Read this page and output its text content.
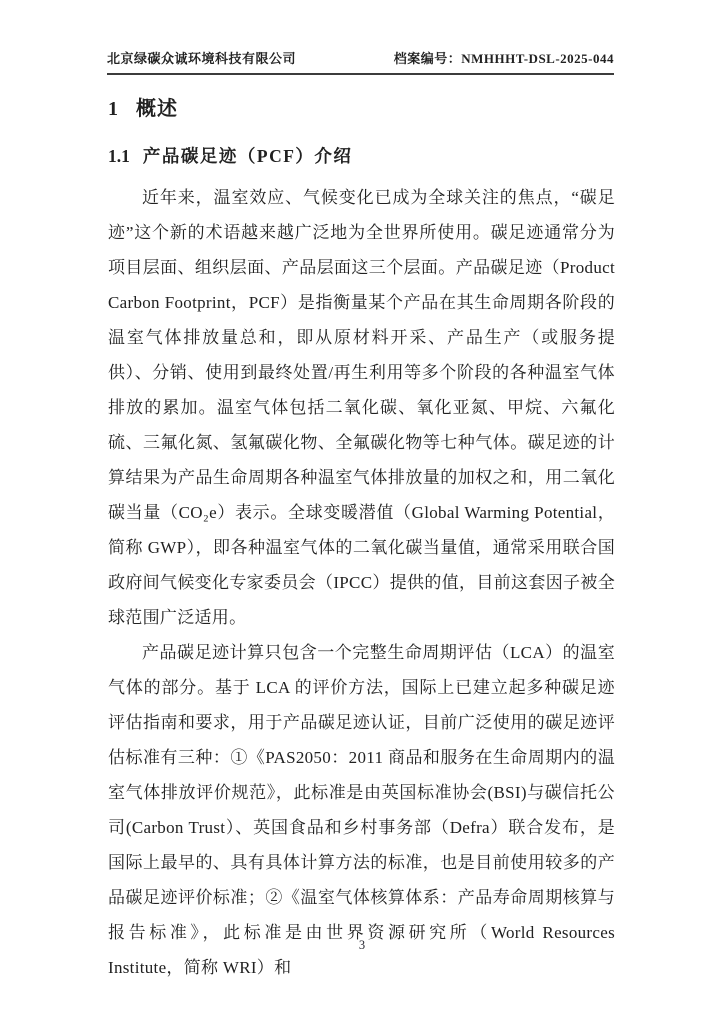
北京绿碳众诚环境科技有限公司	档案编号：NMHHHT-DSL-2025-044
1 概述
1.1 产品碳足迹（PCF）介绍

近年来，温室效应、气候变化已成为全球关注的焦点，“碳足迹”这个新的术语越来越广泛地为全世界所使用。碳足迹通常分为项目层面、组织层面、产品层面这三个层面。产品碳足迹（Product Carbon Footprint，PCF）是指衡量某个产品在其生命周期各阶段的温室气体排放量总和，即从原材料开采、产品生产（或服务提供）、分销、使用到最终处置/再生利用等多个阶段的各种温室气体排放的累加。温室气体包括二氧化碳、氧化亚氮、甲烷、六氟化硫、三氟化氮、氢氟碳化物、全氟碳化物等七种气体。碳足迹的计算结果为产品生命周期各种温室气体排放量的加权之和，用二氧化碳当量（CO₂e）表示。全球变暖潜值（Global Warming Potential，简称 GWP），即各种温室气体的二氧化碳当量值，通常采用联合国政府间气候变化专家委员会（IPCC）提供的值，目前这套因子被全球范围广泛适用。

产品碳足迹计算只包含一个完整生命周期评估（LCA）的温室气体的部分。基于 LCA 的评价方法，国际上已建立起多种碳足迹评估指南和要求，用于产品碳足迹认证，目前广泛使用的碳足迹评估标准有三种：①《PAS2050：2011 商品和服务在生命周期内的温室气体排放评价规范》，此标准是由英国标准协会(BSI)与碳信托公司(Carbon Trust）、英国食品和乡村事务部（Defra）联合发布，是国际上最早的、具有具体计算方法的标准，也是目前使用较多的产品碳足迹评价标准；②《温室气体核算体系：产品寿命周期核算与报告标准》，此标准是由世界资源研究所（World Resources Institute，简称 WRI）和

3
